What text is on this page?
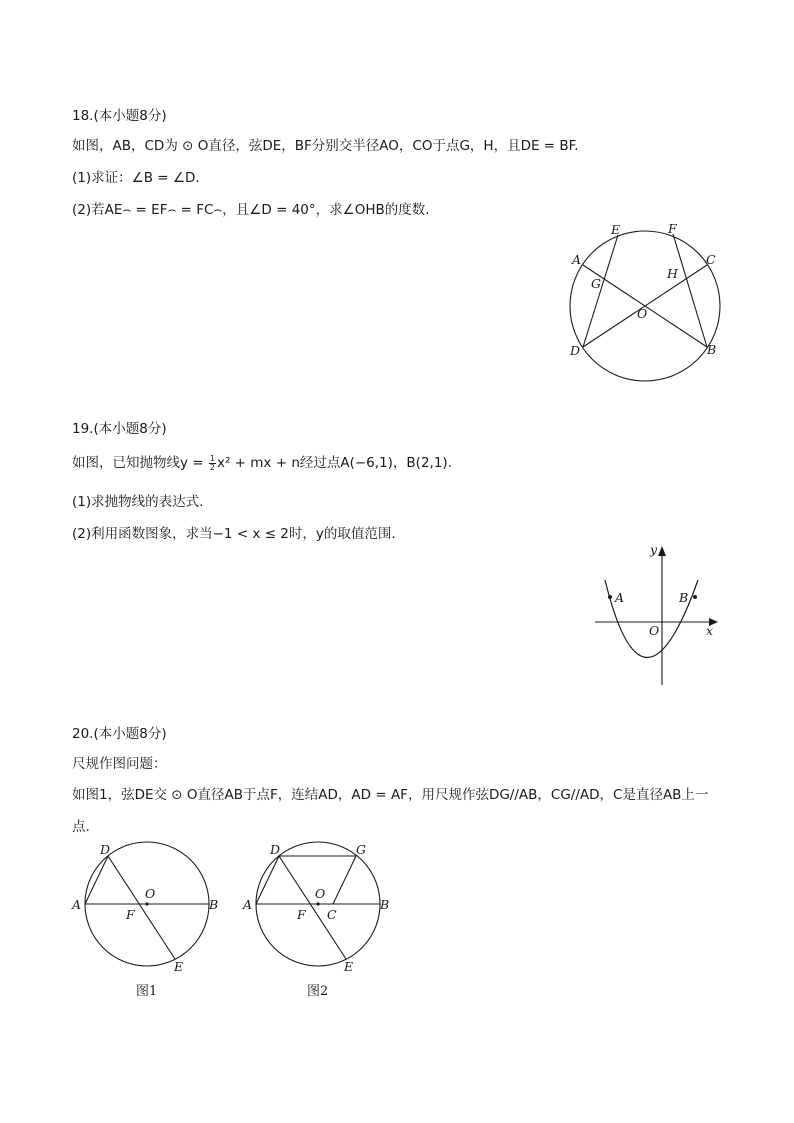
18.(本小题8分)
如图，AB，CD为 ⊙ O直径，弦DE，BF分别交半径AO，CO于点G，H，且DE = BF.
(1)求证：∠B = ∠D.
(2)若AE⌢ = EF⌢ = FC⌢，且∠D = 40°，求∠OHB的度数.
E	F
A	C
H
G
O
D	B
19.(本小题8分)
如图，已知抛物线$y = \frac{1}{2} x^2$ + mx + n经过点A(−6,1)，B(2,1).
(1)求抛物线的表达式.
(2)利用函数图象，求当−1 < x ≤ 2时，y的取值范围.
y
A	B
O	x
20.(本小题8分)
尺规作图问题：
如图1，弦DE交 ⊙ O直径AB于点F，连结AD，AD = AF，用尺规作弦DG//AB，CG//AD，C是直径AB上一
点.
D
O
A
F
B
E
图1
D	G
O
A
F C
B
E
图2
